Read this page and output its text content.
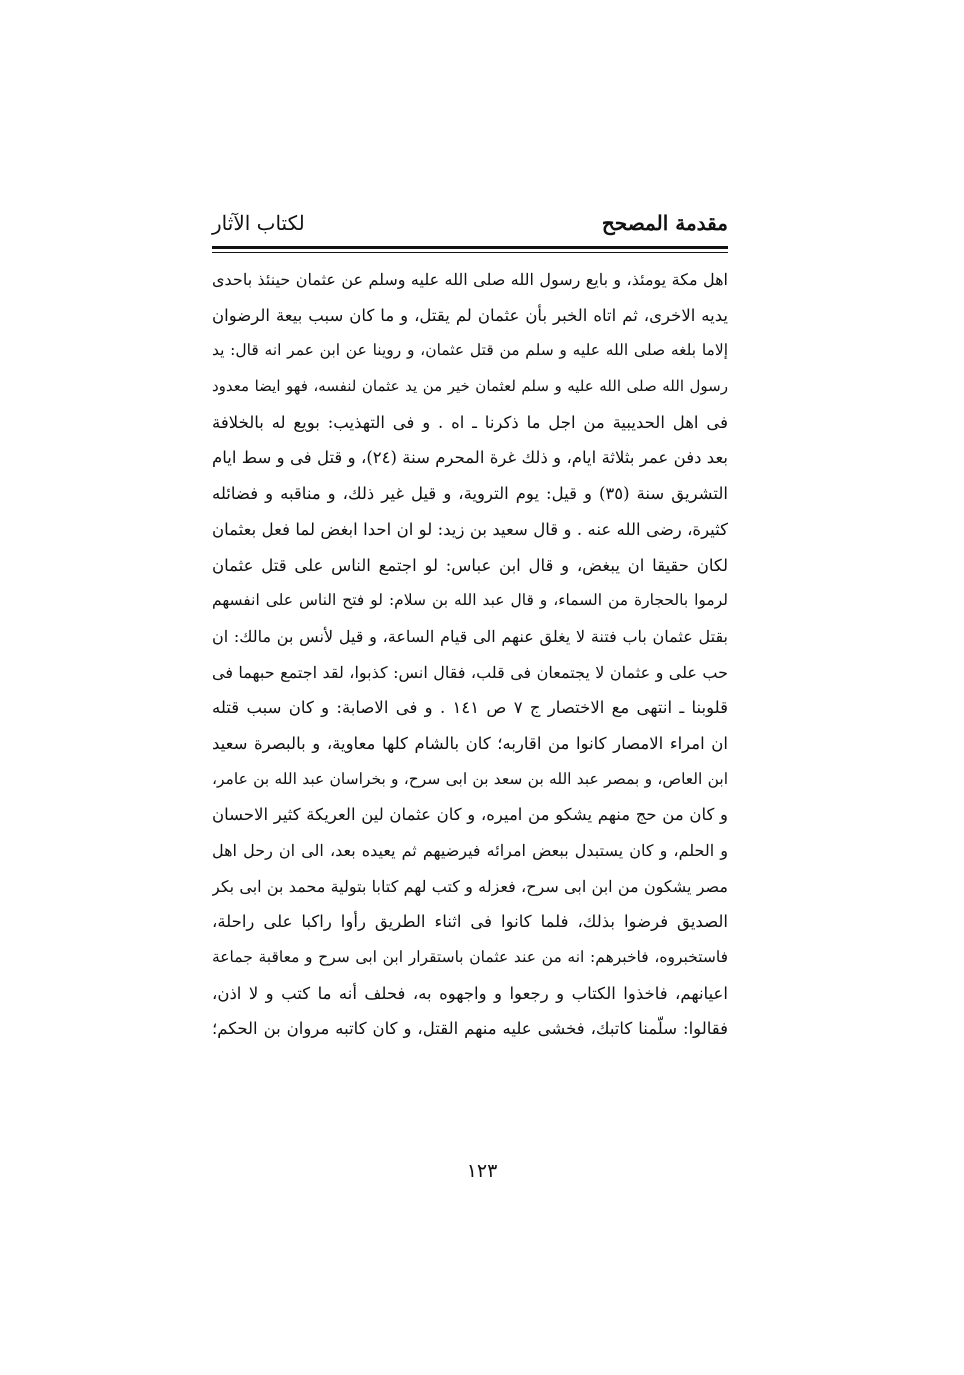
مقدمة المصحح
لكتاب الآثار
اهل مكة يومئذ، و بايع رسول الله صلى الله عليه وسلم عن عثمان حينئذ باحدى
يديه الاخرى، ثم اتاه الخبر بأن عثمان لم يقتل، و ما كان سبب بيعة الرضوان
إلاما بلغه صلى الله عليه و سلم من قتل عثمان، و روينا عن ابن عمر انه قال: يد
رسول الله صلى الله عليه و سلم لعثمان خير من يد عثمان لنفسه، فهو ايضا معدود
فى اهل الحديبية من اجل ما ذكرنا ـ اه . و فى التهذيب: بويع له بالخلافة
بعد دفن عمر بثلاثة ايام، و ذلك غرة المحرم سنة (٢٤)، و قتل فى و سط ايام
التشريق سنة (٣٥) و قيل: يوم التروية، و قيل غير ذلك، و مناقبه و فضائله
كثيرة، رضى الله عنه . و قال سعيد بن زيد: لو ان احدا ابغض لما فعل بعثمان
لكان حقيقا ان يبغض، و قال ابن عباس: لو اجتمع الناس على قتل عثمان
لرموا بالحجارة من السماء، و قال عبد الله بن سلام: لو فتح الناس على انفسهم
بقتل عثمان باب فتنة لا يغلق عنهم الى قيام الساعة، و قيل لأنس بن مالك: ان
حب على و عثمان لا يجتمعان فى قلب، فقال انس: كذبوا، لقد اجتمع حبهما فى
قلوبنا ـ انتهى مع الاختصار ج ٧ ص ١٤١ . و فى الاصابة: و كان سبب قتله
ان امراء الامصار كانوا من اقاربه؛ كان بالشام كلها معاوية، و بالبصرة سعيد
ابن العاص، و بمصر عبد الله بن سعد بن ابى سرح، و بخراسان عبد الله بن عامر،
و كان من حج منهم يشكو من اميره، و كان عثمان لين العريكة كثير الاحسان
و الحلم، و كان يستبدل ببعض امرائه فيرضيهم ثم يعيده بعد، الى ان رحل اهل
مصر يشكون من ابن ابى سرح، فعزله و كتب لهم كتابا بتولية محمد بن ابى بكر
الصديق فرضوا بذلك، فلما كانوا فى اثناء الطريق رأوا راكبا على راحلة،
فاستخبروه، فاخبرهم: انه من عند عثمان باستقرار ابن ابى سرح و معاقبة جماعة
اعيانهم، فاخذوا الكتاب و رجعوا و واجهوه به، فحلف أنه ما كتب و لا اذن،
فقالوا: سلّمنا كاتبك، فخشى عليه منهم القتل، و كان كاتبه مروان بن الحكم؛
١٢٣
